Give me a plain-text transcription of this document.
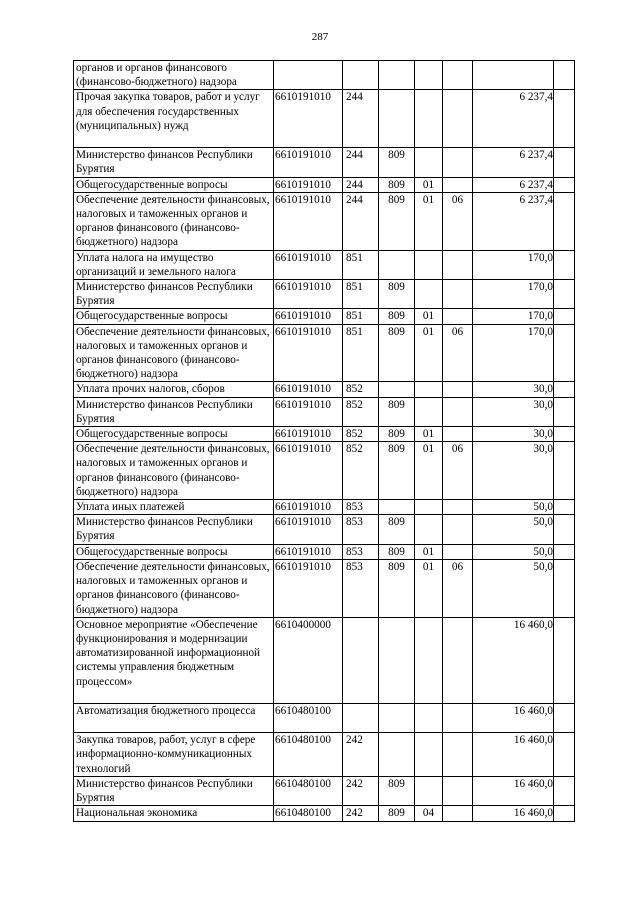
287
органов и органов финансового (финансово-бюджетного) надзора							
Прочая закупка товаров, работ и услуг для обеспечения государственных (муниципальных) нужд	6610191010	244				6 237,4	
Министерство финансов Республики Бурятия	6610191010	244	809			6 237,4	
Общегосударственные вопросы	6610191010	244	809	01		6 237,4	
Обеспечение деятельности финансовых, налоговых и таможенных органов и органов финансового (финансово-бюджетного) надзора	6610191010	244	809	01	06	6 237,4	
Уплата налога на имущество организаций и земельного налога	6610191010	851				170,0	
Министерство финансов Республики Бурятия	6610191010	851	809			170,0	
Общегосударственные вопросы	6610191010	851	809	01		170,0	
Обеспечение деятельности финансовых, налоговых и таможенных органов и органов финансового (финансово-бюджетного) надзора	6610191010	851	809	01	06	170,0	
Уплата прочих налогов, сборов	6610191010	852				30,0	
Министерство финансов Республики Бурятия	6610191010	852	809			30,0	
Общегосударственные вопросы	6610191010	852	809	01		30,0	
Обеспечение деятельности финансовых, налоговых и таможенных органов и органов финансового (финансово-бюджетного) надзора	6610191010	852	809	01	06	30,0	
Уплата иных платежей	6610191010	853				50,0	
Министерство финансов Республики Бурятия	6610191010	853	809			50,0	
Общегосударственные вопросы	6610191010	853	809	01		50,0	
Обеспечение деятельности финансовых, налоговых и таможенных органов и органов финансового (финансово-бюджетного) надзора	6610191010	853	809	01	06	50,0	
Основное мероприятие «Обеспечение функционирования и модернизации автоматизированной информационной системы управления бюджетным процессом»	6610400000					16 460,0	
Автоматизация бюджетного процесса	6610480100					16 460,0	
Закупка товаров, работ, услуг в сфере информационно-коммуникационных технологий	6610480100	242				16 460,0	
Министерство финансов Республики Бурятия	6610480100	242	809			16 460,0	
Национальная экономика	6610480100	242	809	04		16 460,0	
